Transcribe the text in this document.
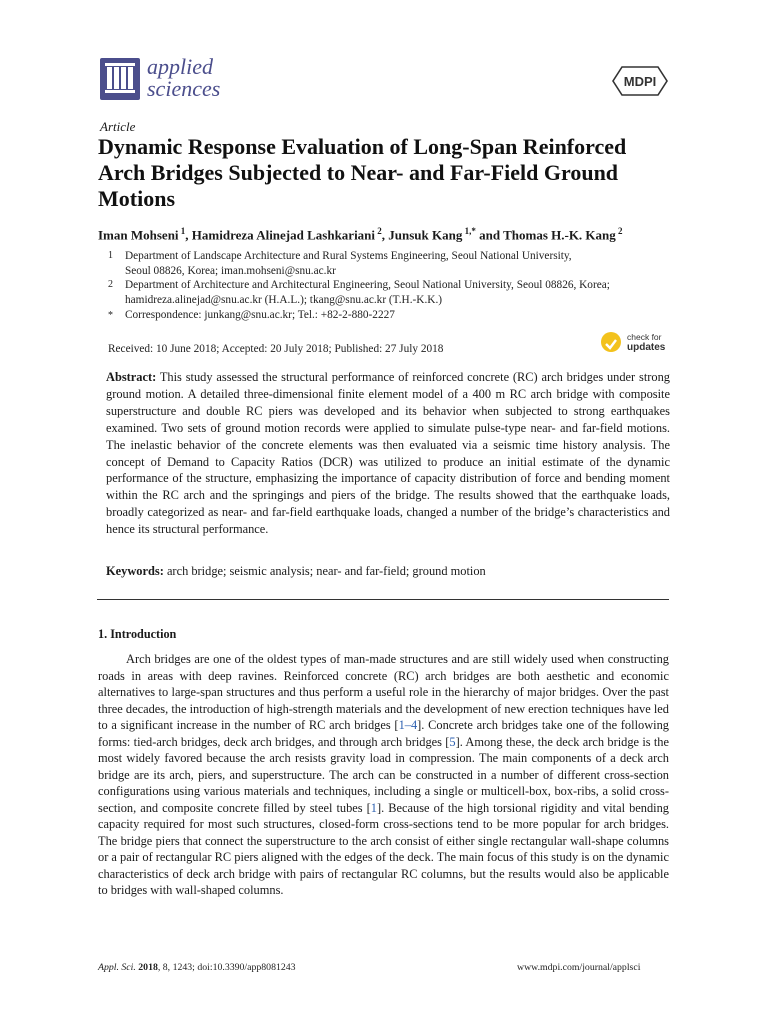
applied
sciences	MDPI
Article
Dynamic Response Evaluation of Long-Span Reinforced Arch Bridges Subjected to Near- and Far-Field Ground Motions
Iman Mohseni $^1$, Hamidreza Alinejad Lashkariani $^2$, Junsuk Kang $^{1,*}$ and Thomas H.-K. Kang $^2$
1 Department of Landscape Architecture and Rural Systems Engineering, Seoul National University,
Seoul 08826, Korea; iman.mohseni@snu.ac.kr
2 Department of Architecture and Architectural Engineering, Seoul National University, Seoul 08826, Korea;
hamidreza.alinejad@snu.ac.kr (H.A.L.); tkang@snu.ac.kr (T.H.-K.K.)
* Correspondence: junkang@snu.ac.kr; Tel.: +82-2-880-2227
Received: 10 June 2018; Accepted: 20 July 2018; Published: 27 July 2018
check for
updates
Abstract: This study assessed the structural performance of reinforced concrete (RC) arch bridges under strong ground motion. A detailed three-dimensional finite element model of a 400 m RC arch bridge with composite superstructure and double RC piers was developed and its behavior when subjected to strong earthquakes examined. Two sets of ground motion records were applied to simulate pulse-type near- and far-field motions. The inelastic behavior of the concrete elements was then evaluated via a seismic time history analysis. The concept of Demand to Capacity Ratios (DCR) was utilized to produce an initial estimate of the dynamic performance of the structure, emphasizing the importance of capacity distribution of force and bending moment within the RC arch and the springings and piers of the bridge. The results showed that the earthquake loads, broadly categorized as near- and far-field earthquake loads, changed a number of the bridge’s characteristics and hence its structural performance.
Keywords: arch bridge; seismic analysis; near- and far-field; ground motion
1. Introduction

Arch bridges are one of the oldest types of man-made structures and are still widely used when constructing roads in areas with deep ravines. Reinforced concrete (RC) arch bridges are both aesthetic and economic alternatives to large-span structures and thus perform a useful role in the hierarchy of major bridges. Over the past three decades, the introduction of high-strength materials and the development of new erection techniques have led to a significant increase in the number of RC arch bridges [1–4]. Concrete arch bridges take one of the following forms: tied-arch bridges, deck arch bridges, and through arch bridges [5]. Among these, the deck arch bridge is the most widely favored because the arch resists gravity load in compression. The main components of a deck arch bridge are its arch, piers, and superstructure. The arch can be constructed in a number of different cross-section configurations using various materials and techniques, including a single or multicell-box, box-ribs, a solid cross-section, and composite concrete filled by steel tubes [1]. Because of the high torsional rigidity and vital bending capacity required for most such structures, closed-form cross-sections tend to be more popular for arch bridges. The bridge piers that connect the superstructure to the arch consist of either single rectangular wall-shape columns or a pair of rectangular RC piers aligned with the edges of the deck. The main focus of this study is on the dynamic characteristics of deck arch bridge with pairs of rectangular RC columns, but the results would also be applicable to bridges with wall-shaped columns.

Appl. Sci. 2018, 8, 1243; doi:10.3390/app8081243	www.mdpi.com/journal/applsci
